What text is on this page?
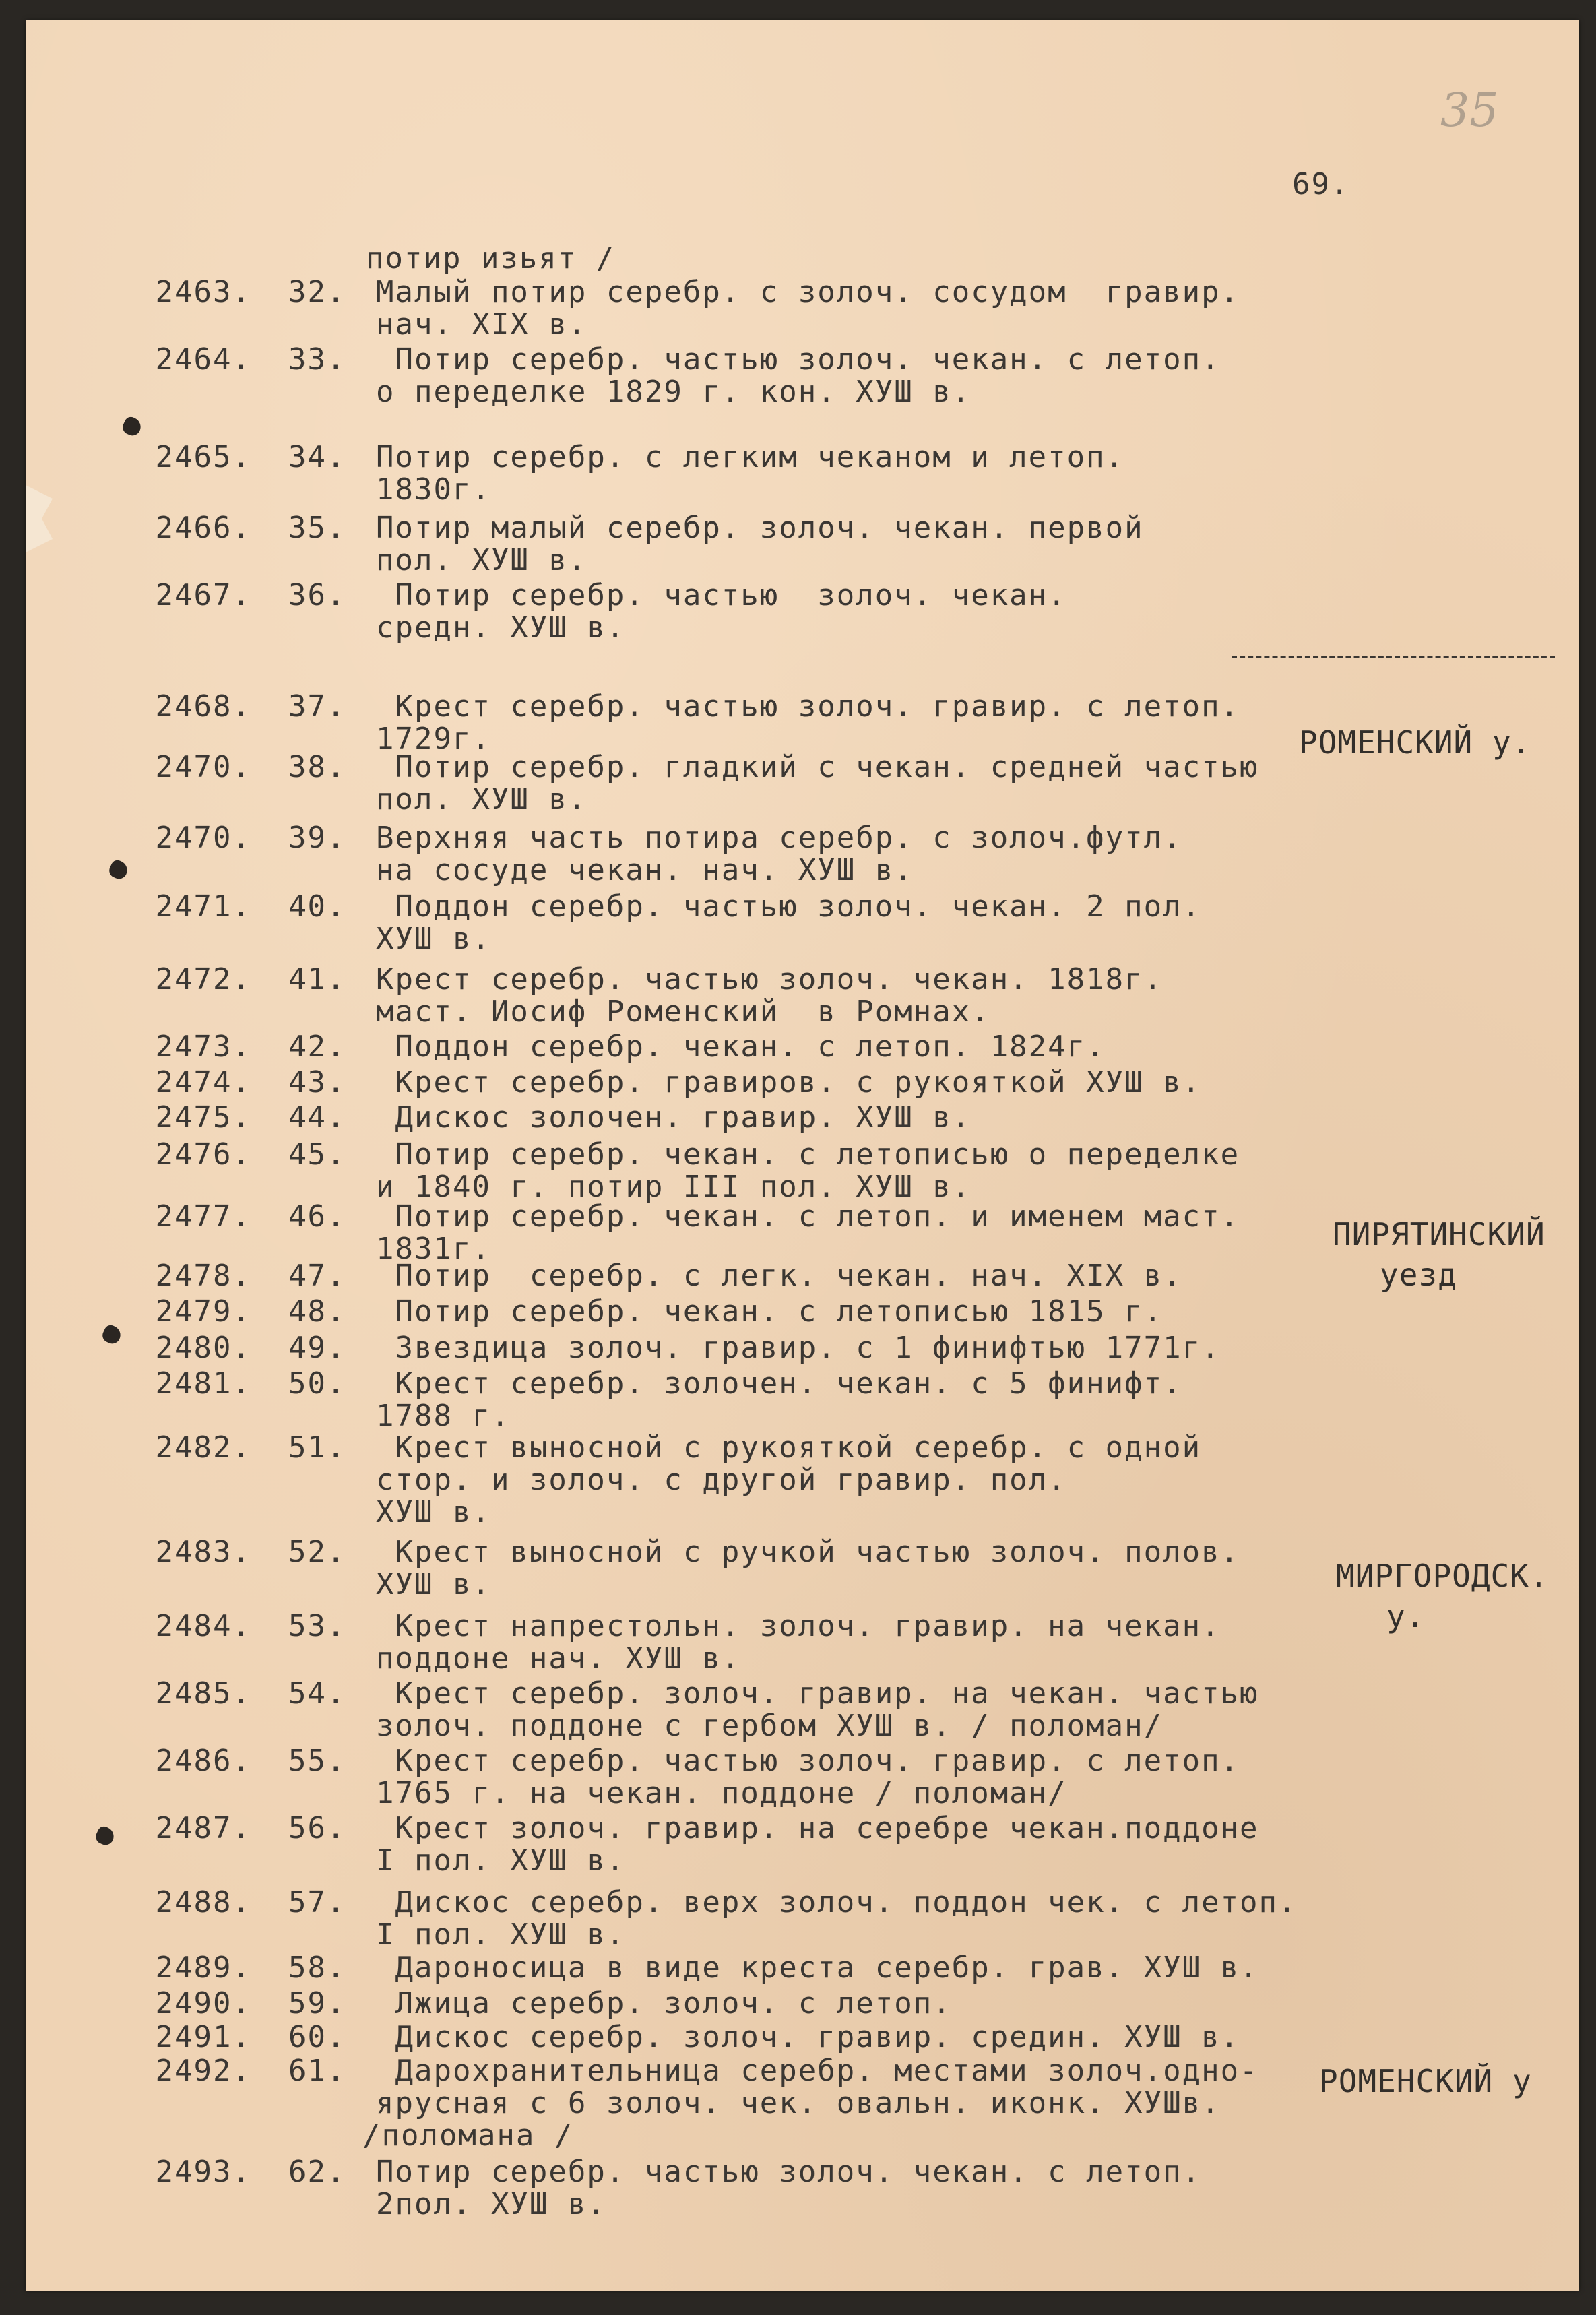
35
69.
потир изьят /
2463. 32.	Малый потир серебр. с золоч. сосудом  гравир.
нач. XIX в.
2464. 33.	Потир серебр. частью золоч. чекан. с летоп.
о переделке 1829 г. кон. ХУШ в.
2465. 34.	Потир серебр. с легким чеканом и летоп.
1830г.
2466. 35.	Потир малый серебр. золоч. чекан. первой
пол. ХУШ в.
2467. 36.	Потир серебр. частью  золоч. чекан.
средн. ХУШ в.
2468. 37.	Крест серебр. частью золоч. гравир. с летоп.
1729г.
2470. 38.	Потир серебр. гладкий с чекан. средней частью
пол. ХУШ в.
2470. 39.	Верхняя часть потира серебр. с золоч.футл.
на сосуде чекан. нач. ХУШ в.
2471. 40.	Поддон серебр. частью золоч. чекан. 2 пол.
ХУШ в.
2472. 41.	Крест серебр. частью золоч. чекан. 1818г.
маст. Иосиф Роменский  в Ромнах.
2473. 42.	Поддон серебр. чекан. с летоп. 1824г.
2474. 43.	Крест серебр. гравиров. с рукояткой ХУШ в.
2475. 44.	Дискос золочен. гравир. ХУШ в.
2476. 45.	Потир серебр. чекан. с летописью о переделке
и 1840 г. потир III пол. ХУШ в.
2477. 46.	Потир серебр. чекан. с летоп. и именем маст.
1831г.
2478. 47.	Потир  серебр. с легк. чекан. нач. XIX в.
2479. 48.	Потир серебр. чекан. с летописью 1815 г.
2480. 49.	Звездица золоч. гравир. с 1 финифтью 1771г.
2481. 50.	Крест серебр. золочен. чекан. с 5 финифт.
1788 г.
2482. 51.	Крест выносной с рукояткой серебр. с одной
стор. и золоч. с другой гравир. пол.
ХУШ в.
2483. 52.	Крест выносной с ручкой частью золоч. полов.
ХУШ в.
2484. 53.	Крест напрестольн. золоч. гравир. на чекан.
поддоне нач. ХУШ в.
2485. 54.	Крест серебр. золоч. гравир. на чекан. частью
золоч. поддоне с гербом ХУШ в. / поломан/
2486. 55.	Крест серебр. частью золоч. гравир. с летоп.
1765 г. на чекан. поддоне / поломан/
2487. 56.	Крест золоч. гравир. на серебре чекан.поддоне
I пол. ХУШ в.
2488. 57.	Дискос серебр. верх золоч. поддон чек. с летоп.
I пол. ХУШ в.
2489. 58.	Дароносица в виде креста серебр. грав. ХУШ в.
2490. 59.	Лжица серебр. золоч. с летоп.
2491. 60.	Дискос серебр. золоч. гравир. средин. ХУШ в.
2492. 61.	Дарохранительница серебр. местами золоч.одно-
ярусная с 6 золоч. чек. овальн. иконк. ХУШв.
/поломана /
2493. 62.	Потир серебр. частью золоч. чекан. с летоп.
2пол. ХУШ в.
РОМЕНСКИЙ у.
ПИРЯТИНСКИЙ
уезд
МИРГОРОДСК.
у.
РОМЕНСКИЙ у
